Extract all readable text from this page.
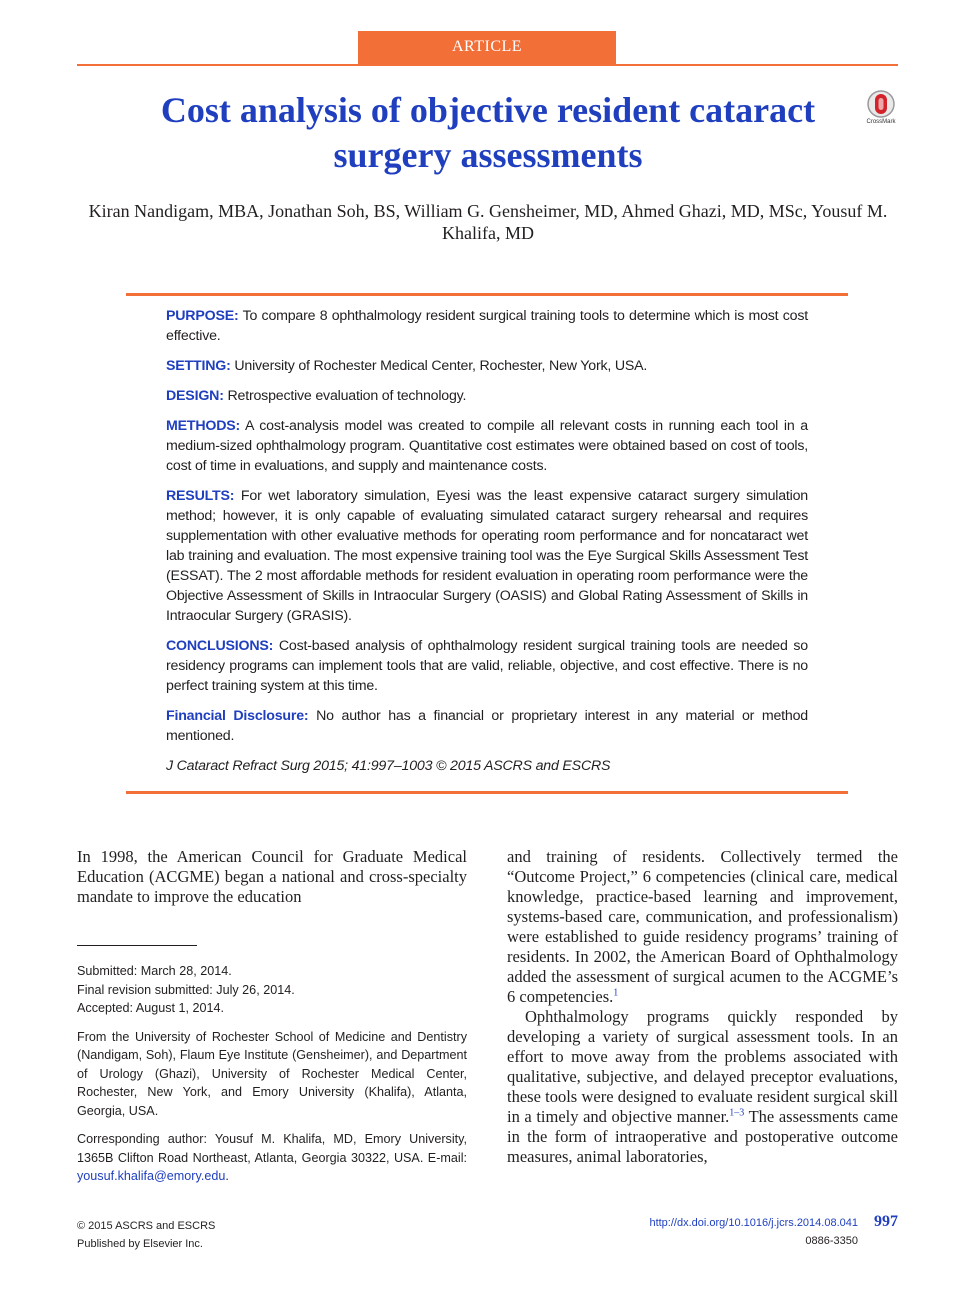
ARTICLE
Cost analysis of objective resident cataract surgery assessments
CrossMark
Kiran Nandigam, MBA, Jonathan Soh, BS, William G. Gensheimer, MD, Ahmed Ghazi, MD, MSc, Yousuf M. Khalifa, MD

PURPOSE: To compare 8 ophthalmology resident surgical training tools to determine which is most cost effective.

SETTING: University of Rochester Medical Center, Rochester, New York, USA.

DESIGN: Retrospective evaluation of technology.

METHODS: A cost-analysis model was created to compile all relevant costs in running each tool in a medium-sized ophthalmology program. Quantitative cost estimates were obtained based on cost of tools, cost of time in evaluations, and supply and maintenance costs.

RESULTS: For wet laboratory simulation, Eyesi was the least expensive cataract surgery simulation method; however, it is only capable of evaluating simulated cataract surgery rehearsal and requires supplementation with other evaluative methods for operating room performance and for noncataract wet lab training and evaluation. The most expensive training tool was the Eye Surgical Skills Assessment Test (ESSAT). The 2 most affordable methods for resident evaluation in operating room performance were the Objective Assessment of Skills in Intraocular Surgery (OASIS) and Global Rating Assessment of Skills in Intraocular Surgery (GRASIS).

CONCLUSIONS: Cost-based analysis of ophthalmology resident surgical training tools are needed so residency programs can implement tools that are valid, reliable, objective, and cost effective. There is no perfect training system at this time.

Financial Disclosure: No author has a financial or proprietary interest in any material or method mentioned.

J Cataract Refract Surg 2015; 41:997–1003 © 2015 ASCRS and ESCRS

In 1998, the American Council for Graduate Medical Education (ACGME) began a national and cross-specialty mandate to improve the education
Submitted: March 28, 2014.
Final revision submitted: July 26, 2014.

Accepted: August 1, 2014.

From the University of Rochester School of Medicine and Dentistry (Nandigam, Soh), Flaum Eye Institute (Gensheimer), and Department of Urology (Ghazi), University of Rochester Medical Center, Rochester, New York, and Emory University (Khalifa), Atlanta, Georgia, USA.

Corresponding author: Yousuf M. Khalifa, MD, Emory University, 1365B Clifton Road Northeast, Atlanta, Georgia 30322, USA. E-mail: yousuf.khalifa@emory.edu.

and training of residents. Collectively termed the “Outcome Project,” 6 competencies (clinical care, medical knowledge, practice-based learning and improvement, systems-based care, communication, and professionalism) were established to guide residency programs’ training of residents. In 2002, the American Board of Ophthalmology added the assessment of surgical acumen to the ACGME’s 6 competencies.$^1$

Ophthalmology programs quickly responded by developing a variety of surgical assessment tools. In an effort to move away from the problems associated with qualitative, subjective, and delayed preceptor evaluations, these tools were designed to evaluate resident surgical skill in a timely and objective manner.$^{1-3}$ The assessments came in the form of intraoperative and postoperative outcome measures, animal laboratories,

© 2015 ASCRS and ESCRS
Published by Elsevier Inc.
http://dx.doi.org/10.1016/j.jcrs.2014.08.041	997
0886-3350
